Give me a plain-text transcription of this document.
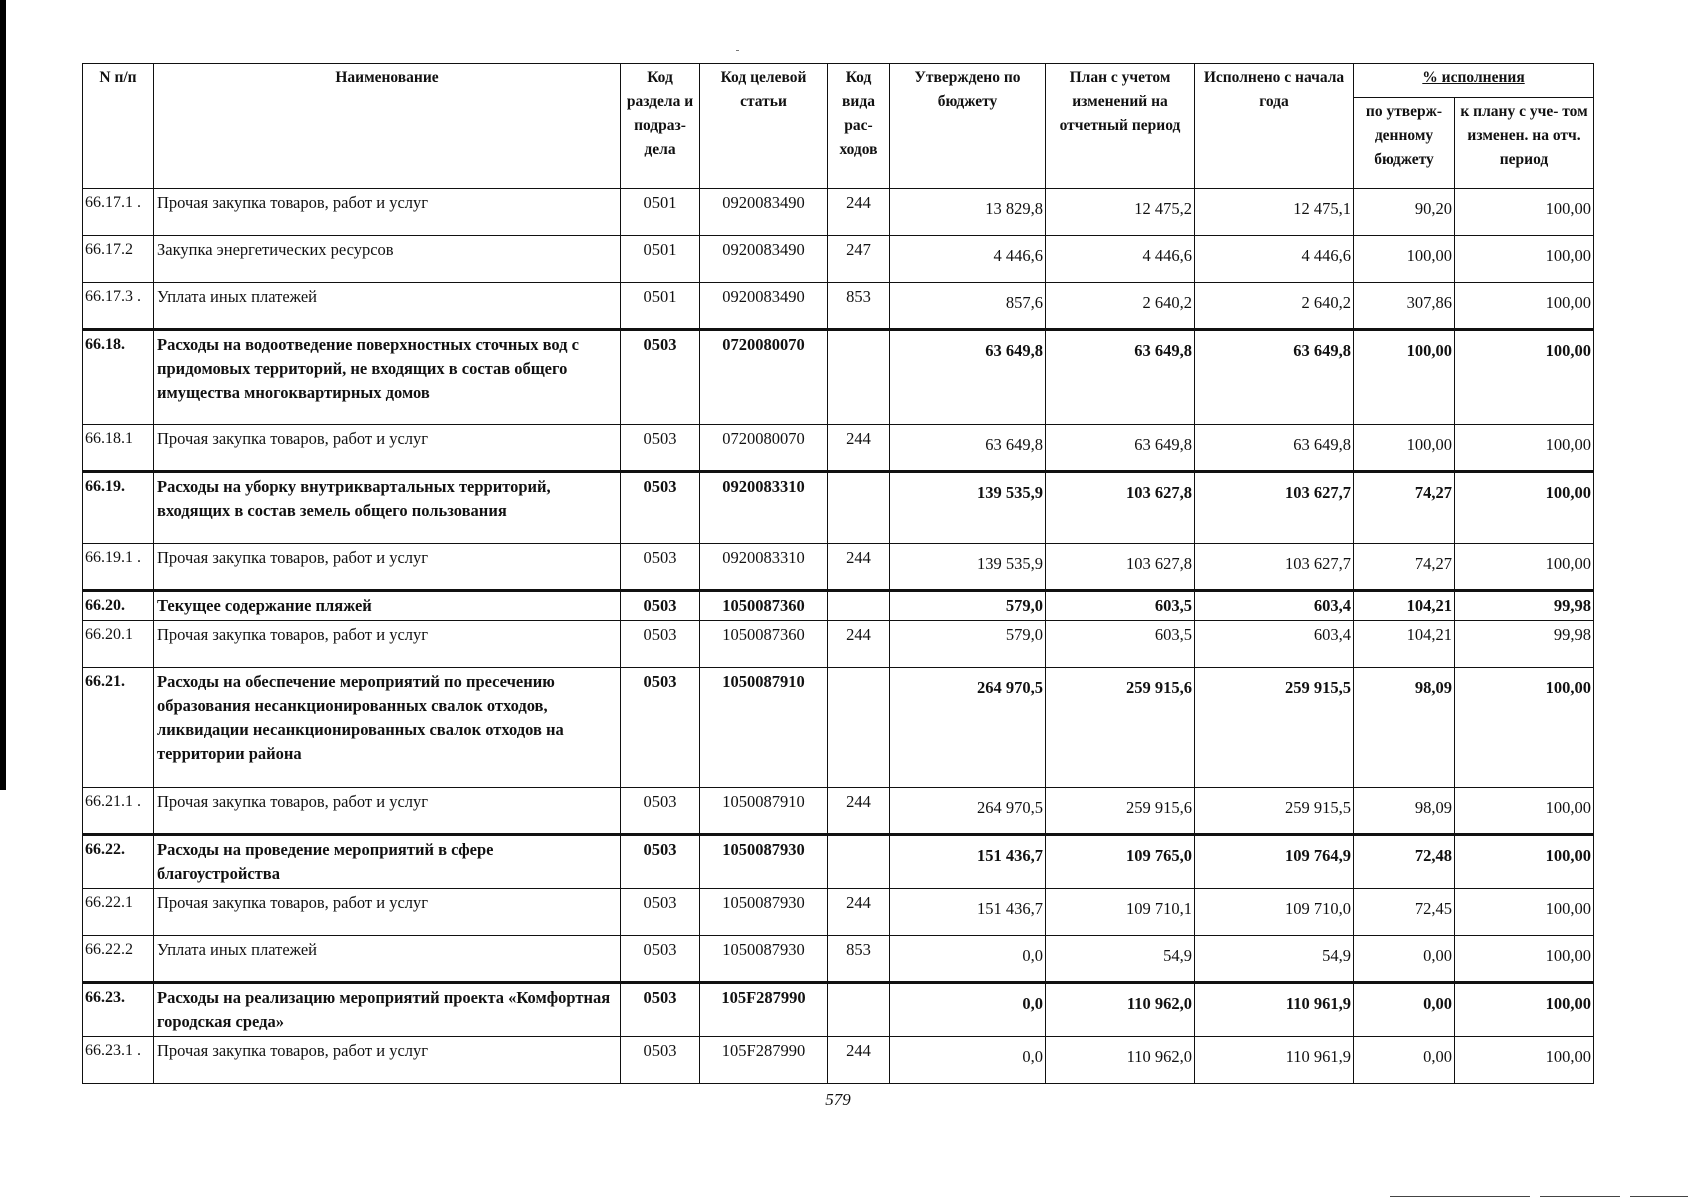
N п/п	Наименование	Код раздела и подраз- дела	Код целевой статьи	Код вида рас- ходов	Утверждено по бюджету	План с учетом изменений на отчетный период	Исполнено с начала года	% исполнения	
								по утверж- денному бюджету	к плану с уче- том изменен. на отч. период
66.17.1 .	Прочая закупка товаров, работ и услуг	0501	0920083490	244	13 829,8	12 475,2	12 475,1	90,20	100,00
66.17.2	Закупка энергетических ресурсов	0501	0920083490	247	4 446,6	4 446,6	4 446,6	100,00	100,00
66.17.3 .	Уплата иных платежей	0501	0920083490	853	857,6	2 640,2	2 640,2	307,86	100,00
66.18.	Расходы на водоотведение поверхностных сточных вод с придомовых территорий, не входящих в состав общего имущества многоквартирных домов	0503	0720080070		63 649,8	63 649,8	63 649,8	100,00	100,00
66.18.1	Прочая закупка товаров, работ и услуг	0503	0720080070	244	63 649,8	63 649,8	63 649,8	100,00	100,00
66.19.	Расходы на уборку внутриквартальных территорий, входящих в состав земель общего пользования	0503	0920083310		139 535,9	103 627,8	103 627,7	74,27	100,00
66.19.1 .	Прочая закупка товаров, работ и услуг	0503	0920083310	244	139 535,9	103 627,8	103 627,7	74,27	100,00
66.20.	Текущее содержание пляжей	0503	1050087360		579,0	603,5	603,4	104,21	99,98
66.20.1	Прочая закупка товаров, работ и услуг	0503	1050087360	244	579,0	603,5	603,4	104,21	99,98
66.21.	Расходы на обеспечение мероприятий по пресечению образования несанкционированных свалок отходов, ликвидации несанкционированных свалок отходов на территории района	0503	1050087910		264 970,5	259 915,6	259 915,5	98,09	100,00
66.21.1 .	Прочая закупка товаров, работ и услуг	0503	1050087910	244	264 970,5	259 915,6	259 915,5	98,09	100,00
66.22.	Расходы на проведение мероприятий в сфере благоустройства	0503	1050087930		151 436,7	109 765,0	109 764,9	72,48	100,00
66.22.1	Прочая закупка товаров, работ и услуг	0503	1050087930	244	151 436,7	109 710,1	109 710,0	72,45	100,00
66.22.2	Уплата иных платежей	0503	1050087930	853	0,0	54,9	54,9	0,00	100,00
66.23.	Расходы на реализацию мероприятий проекта «Комфортная городская среда»	0503	105F287990		0,0	110 962,0	110 961,9	0,00	100,00
66.23.1 .	Прочая закупка товаров, работ и услуг	0503	105F287990	244	0,0	110 962,0	110 961,9	0,00	100,00
579
